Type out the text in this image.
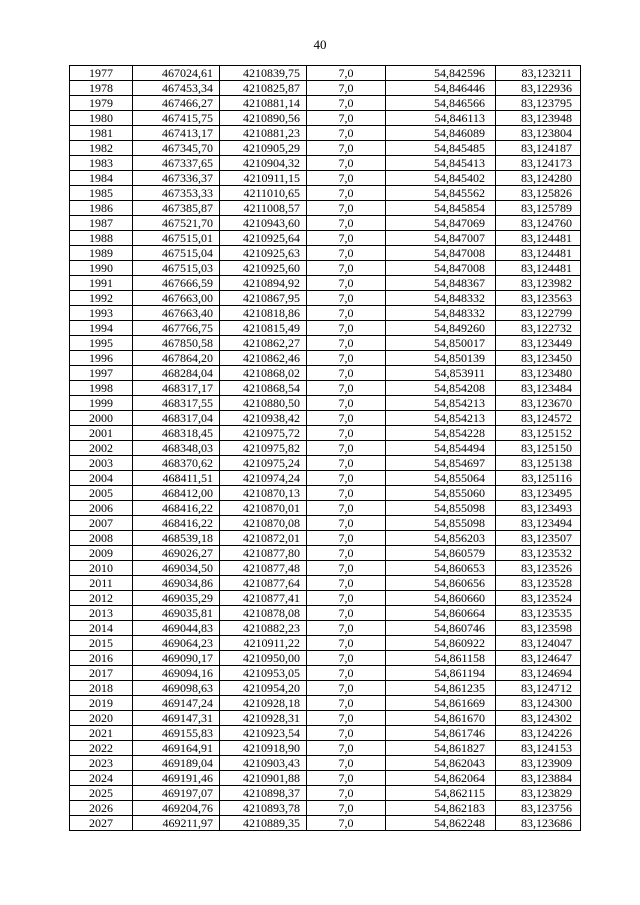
40
1977	467024,61	4210839,75	7,0	54,842596	83,123211
1978	467453,34	4210825,87	7,0	54,846446	83,122936
1979	467466,27	4210881,14	7,0	54,846566	83,123795
1980	467415,75	4210890,56	7,0	54,846113	83,123948
1981	467413,17	4210881,23	7,0	54,846089	83,123804
1982	467345,70	4210905,29	7,0	54,845485	83,124187
1983	467337,65	4210904,32	7,0	54,845413	83,124173
1984	467336,37	4210911,15	7,0	54,845402	83,124280
1985	467353,33	4211010,65	7,0	54,845562	83,125826
1986	467385,87	4211008,57	7,0	54,845854	83,125789
1987	467521,70	4210943,60	7,0	54,847069	83,124760
1988	467515,01	4210925,64	7,0	54,847007	83,124481
1989	467515,04	4210925,63	7,0	54,847008	83,124481
1990	467515,03	4210925,60	7,0	54,847008	83,124481
1991	467666,59	4210894,92	7,0	54,848367	83,123982
1992	467663,00	4210867,95	7,0	54,848332	83,123563
1993	467663,40	4210818,86	7,0	54,848332	83,122799
1994	467766,75	4210815,49	7,0	54,849260	83,122732
1995	467850,58	4210862,27	7,0	54,850017	83,123449
1996	467864,20	4210862,46	7,0	54,850139	83,123450
1997	468284,04	4210868,02	7,0	54,853911	83,123480
1998	468317,17	4210868,54	7,0	54,854208	83,123484
1999	468317,55	4210880,50	7,0	54,854213	83,123670
2000	468317,04	4210938,42	7,0	54,854213	83,124572
2001	468318,45	4210975,72	7,0	54,854228	83,125152
2002	468348,03	4210975,82	7,0	54,854494	83,125150
2003	468370,62	4210975,24	7,0	54,854697	83,125138
2004	468411,51	4210974,24	7,0	54,855064	83,125116
2005	468412,00	4210870,13	7,0	54,855060	83,123495
2006	468416,22	4210870,01	7,0	54,855098	83,123493
2007	468416,22	4210870,08	7,0	54,855098	83,123494
2008	468539,18	4210872,01	7,0	54,856203	83,123507
2009	469026,27	4210877,80	7,0	54,860579	83,123532
2010	469034,50	4210877,48	7,0	54,860653	83,123526
2011	469034,86	4210877,64	7,0	54,860656	83,123528
2012	469035,29	4210877,41	7,0	54,860660	83,123524
2013	469035,81	4210878,08	7,0	54,860664	83,123535
2014	469044,83	4210882,23	7,0	54,860746	83,123598
2015	469064,23	4210911,22	7,0	54,860922	83,124047
2016	469090,17	4210950,00	7,0	54,861158	83,124647
2017	469094,16	4210953,05	7,0	54,861194	83,124694
2018	469098,63	4210954,20	7,0	54,861235	83,124712
2019	469147,24	4210928,18	7,0	54,861669	83,124300
2020	469147,31	4210928,31	7,0	54,861670	83,124302
2021	469155,83	4210923,54	7,0	54,861746	83,124226
2022	469164,91	4210918,90	7,0	54,861827	83,124153
2023	469189,04	4210903,43	7,0	54,862043	83,123909
2024	469191,46	4210901,88	7,0	54,862064	83,123884
2025	469197,07	4210898,37	7,0	54,862115	83,123829
2026	469204,76	4210893,78	7,0	54,862183	83,123756
2027	469211,97	4210889,35	7,0	54,862248	83,123686
